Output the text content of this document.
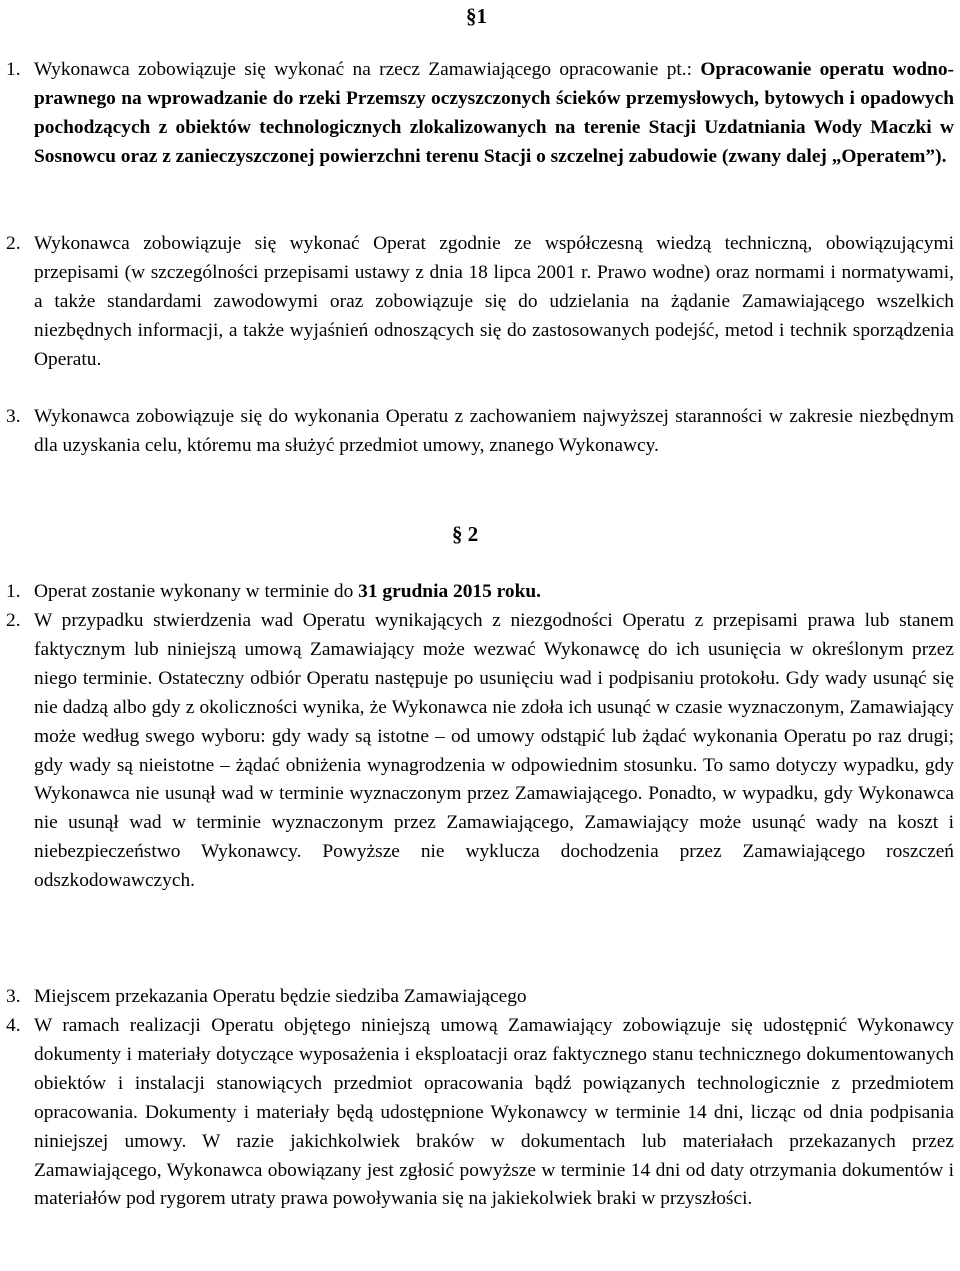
§1
1. Wykonawca zobowiązuje się wykonać na rzecz Zamawiającego opracowanie pt.: Opracowanie operatu wodno-prawnego na wprowadzanie do rzeki Przemszy oczyszczonych ścieków przemysłowych, bytowych i opadowych pochodzących z obiektów technologicznych zlokalizowanych na terenie Stacji Uzdatniania Wody Maczki w Sosnowcu oraz z zanieczyszczonej powierzchni terenu Stacji o szczelnej zabudowie (zwany dalej „Operatem”).

2. Wykonawca zobowiązuje się wykonać Operat zgodnie ze współczesną wiedzą techniczną, obowiązującymi przepisami (w szczególności przepisami ustawy z dnia 18 lipca 2001 r. Prawo wodne) oraz normami i normatywami, a także standardami zawodowymi oraz zobowiązuje się do udzielania na żądanie Zamawiającego wszelkich niezbędnych informacji, a także wyjaśnień odnoszących się do zastosowanych podejść, metod i technik sporządzenia Operatu.

3. Wykonawca zobowiązuje się do wykonania Operatu z zachowaniem najwyższej staranności w zakresie niezbędnym dla uzyskania celu, któremu ma służyć przedmiot umowy, znanego Wykonawcy.

§ 2
1. Operat zostanie wykonany w terminie do 31 grudnia 2015 roku.

2. W przypadku stwierdzenia wad Operatu wynikających z niezgodności Operatu z przepisami prawa lub stanem faktycznym lub niniejszą umową Zamawiający może wezwać Wykonawcę do ich usunięcia w określonym przez niego terminie. Ostateczny odbiór Operatu następuje po usunięciu wad i podpisaniu protokołu. Gdy wady usunąć się nie dadzą albo gdy z okoliczności wynika, że Wykonawca nie zdoła ich usunąć w czasie wyznaczonym, Zamawiający może według swego wyboru: gdy wady są istotne – od umowy odstąpić lub żądać wykonania Operatu po raz drugi; gdy wady są nieistotne – żądać obniżenia wynagrodzenia w odpowiednim stosunku. To samo dotyczy wypadku, gdy Wykonawca nie usunął wad w terminie wyznaczonym przez Zamawiającego. Ponadto, w wypadku, gdy Wykonawca nie usunął wad w terminie wyznaczonym przez Zamawiającego, Zamawiający może usunąć wady na koszt i niebezpieczeństwo Wykonawcy. Powyższe nie wyklucza dochodzenia przez Zamawiającego roszczeń odszkodowawczych.

3. Miejscem przekazania Operatu będzie siedziba Zamawiającego

4. W ramach realizacji Operatu objętego niniejszą umową Zamawiający zobowiązuje się udostępnić Wykonawcy dokumenty i materiały dotyczące wyposażenia i eksploatacji oraz faktycznego stanu technicznego dokumentowanych obiektów i instalacji stanowiących przedmiot opracowania bądź powiązanych technologicznie z przedmiotem opracowania. Dokumenty i materiały będą udostępnione Wykonawcy w terminie 14 dni, licząc od dnia podpisania niniejszej umowy. W razie jakichkolwiek braków w dokumentach lub materiałach przekazanych przez Zamawiającego, Wykonawca obowiązany jest zgłosić powyższe w terminie 14 dni od daty otrzymania dokumentów i materiałów pod rygorem utraty prawa powoływania się na jakiekolwiek braki w przyszłości.
